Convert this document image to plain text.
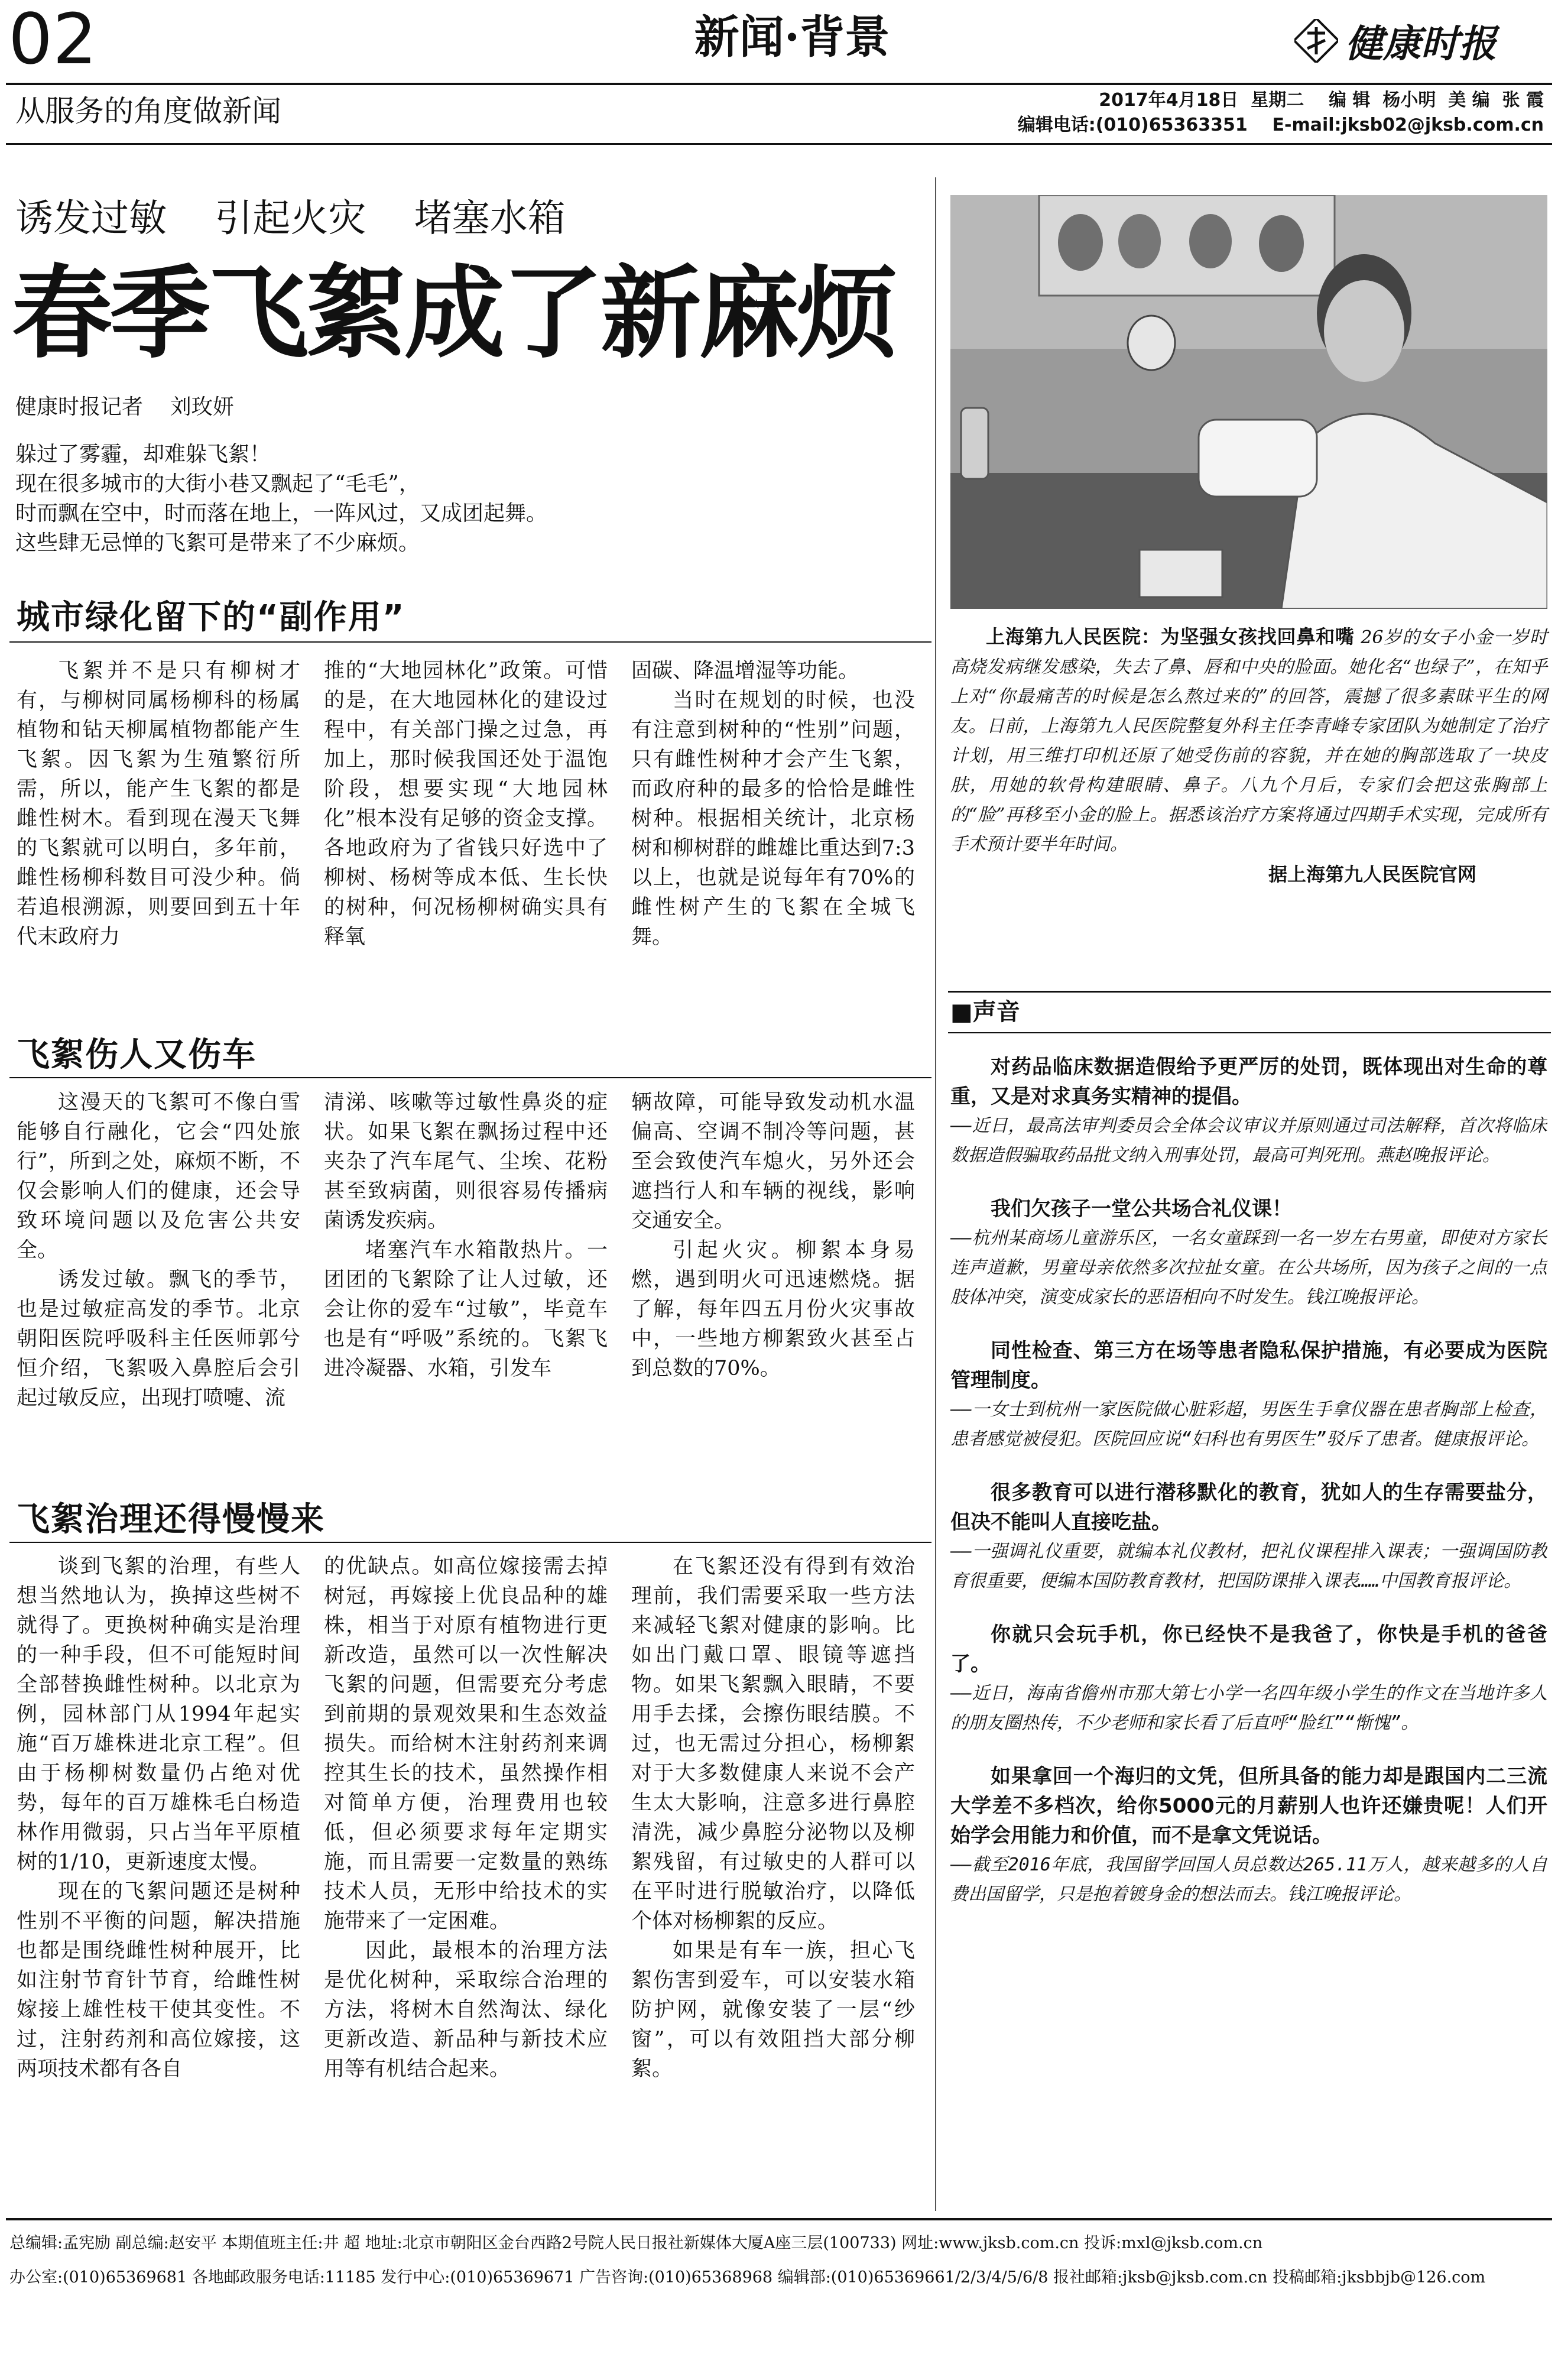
02	新闻·背景	健康时报
从服务的角度做新闻	2017年4月18日  星期二    编 辑  杨小明  美 编  张 霞
编辑电话:(010)65363351    E-mail:jksb02@jksb.com.cn
诱发过敏    引起火灾    堵塞水箱
春季飞絮成了新麻烦
健康时报记者    刘玫妍
躲过了雾霾，却难躲飞絮！
现在很多城市的大街小巷又飘起了“毛毛”，
时而飘在空中，时而落在地上，一阵风过，又成团起舞。
这些肆无忌惮的飞絮可是带来了不少麻烦。
城市绿化留下的“副作用”

飞絮并不是只有柳树才有，与柳树同属杨柳科的杨属植物和钻天柳属植物都能产生飞絮。因飞絮为生殖繁衍所需，所以，能产生飞絮的都是雌性树木。看到现在漫天飞舞的飞絮就可以明白，多年前，雌性杨柳科数目可没少种。倘若追根溯源，则要回到五十年代末政府力

推的“大地园林化”政策。可惜的是，在大地园林化的建设过程中，有关部门操之过急，再加上，那时候我国还处于温饱阶段，想要实现“大地园林化”根本没有足够的资金支撑。各地政府为了省钱只好选中了柳树、杨树等成本低、生长快的树种，何况杨柳树确实具有释氧

固碳、降温增湿等功能。

当时在规划的时候，也没有注意到树种的“性别”问题，只有雌性树种才会产生飞絮，而政府种的最多的恰恰是雌性树种。根据相关统计，北京杨树和柳树群的雌雄比重达到7:3以上，也就是说每年有70%的雌性树产生的飞絮在全城飞舞。

飞絮伤人又伤车

这漫天的飞絮可不像白雪能够自行融化，它会“四处旅行”，所到之处，麻烦不断，不仅会影响人们的健康，还会导致环境问题以及危害公共安全。

诱发过敏。飘飞的季节，也是过敏症高发的季节。北京朝阳医院呼吸科主任医师郭兮恒介绍，飞絮吸入鼻腔后会引起过敏反应，出现打喷嚏、流

清涕、咳嗽等过敏性鼻炎的症状。如果飞絮在飘扬过程中还夹杂了汽车尾气、尘埃、花粉甚至致病菌，则很容易传播病菌诱发疾病。

堵塞汽车水箱散热片。一团团的飞絮除了让人过敏，还会让你的爱车“过敏”，毕竟车也是有“呼吸”系统的。飞絮飞进冷凝器、水箱，引发车

辆故障，可能导致发动机水温偏高、空调不制冷等问题，甚至会致使汽车熄火，另外还会遮挡行人和车辆的视线，影响交通安全。

引起火灾。柳絮本身易燃，遇到明火可迅速燃烧。据了解，每年四五月份火灾事故中，一些地方柳絮致火甚至占到总数的70%。

飞絮治理还得慢慢来

谈到飞絮的治理，有些人想当然地认为，换掉这些树不就得了。更换树种确实是治理的一种手段，但不可能短时间全部替换雌性树种。以北京为例，园林部门从1994年起实施“百万雄株进北京工程”。但由于杨柳树数量仍占绝对优势，每年的百万雄株毛白杨造林作用微弱，只占当年平原植树的1/10，更新速度太慢。

现在的飞絮问题还是树种性别不平衡的问题，解决措施也都是围绕雌性树种展开，比如注射节育针节育，给雌性树嫁接上雄性枝干使其变性。不过，注射药剂和高位嫁接，这两项技术都有各自

的优缺点。如高位嫁接需去掉树冠，再嫁接上优良品种的雄株，相当于对原有植物进行更新改造，虽然可以一次性解决飞絮的问题，但需要充分考虑到前期的景观效果和生态效益损失。而给树木注射药剂来调控其生长的技术，虽然操作相对简单方便，治理费用也较低，但必须要求每年定期实施，而且需要一定数量的熟练技术人员，无形中给技术的实施带来了一定困难。

因此，最根本的治理方法是优化树种，采取综合治理的方法，将树木自然淘汰、绿化更新改造、新品种与新技术应用等有机结合起来。

在飞絮还没有得到有效治理前，我们需要采取一些方法来减轻飞絮对健康的影响。比如出门戴口罩、眼镜等遮挡物。如果飞絮飘入眼睛，不要用手去揉，会擦伤眼结膜。不过，也无需过分担心，杨柳絮对于大多数健康人来说不会产生太大影响，注意多进行鼻腔清洗，减少鼻腔分泌物以及柳絮残留，有过敏史的人群可以在平时进行脱敏治疗，以降低个体对杨柳絮的反应。

如果是有车一族，担心飞絮伤害到爱车，可以安装水箱防护网，就像安装了一层“纱窗”，可以有效阻挡大部分柳絮。

上海第九人民医院：为坚强女孩找回鼻和嘴 26岁的女子小金一岁时高烧发病继发感染，失去了鼻、唇和中央的脸面。她化名“也绿子”，在知乎上对“你最痛苦的时候是怎么熬过来的”的回答，震撼了很多素昧平生的网友。日前，上海第九人民医院整复外科主任李青峰专家团队为她制定了治疗计划，用三维打印机还原了她受伤前的容貌，并在她的胸部选取了一块皮肤，用她的软骨构建眼睛、鼻子。八九个月后，专家们会把这张胸部上的“脸”再移至小金的脸上。据悉该治疗方案将通过四期手术实现，完成所有手术预计要半年时间。

据上海第九人民医院官网

■声音

对药品临床数据造假给予更严厉的处罚，既体现出对生命的尊重，又是对求真务实精神的提倡。

——近日，最高法审判委员会全体会议审议并原则通过司法解释，首次将临床数据造假骗取药品批文纳入刑事处罚，最高可判死刑。燕赵晚报评论。

我们欠孩子一堂公共场合礼仪课！

——杭州某商场儿童游乐区，一名女童踩到一名一岁左右男童，即使对方家长连声道歉，男童母亲依然多次拉扯女童。在公共场所，因为孩子之间的一点肢体冲突，演变成家长的恶语相向不时发生。钱江晚报评论。

同性检查、第三方在场等患者隐私保护措施，有必要成为医院管理制度。

——一女士到杭州一家医院做心脏彩超，男医生手拿仪器在患者胸部上检查，患者感觉被侵犯。医院回应说“妇科也有男医生”驳斥了患者。健康报评论。

很多教育可以进行潜移默化的教育，犹如人的生存需要盐分，但决不能叫人直接吃盐。

——一强调礼仪重要，就编本礼仪教材，把礼仪课程排入课表；一强调国防教育很重要，便编本国防教育教材，把国防课排入课表……中国教育报评论。

你就只会玩手机，你已经快不是我爸了，你快是手机的爸爸了。

——近日，海南省儋州市那大第七小学一名四年级小学生的作文在当地许多人的朋友圈热传，不少老师和家长看了后直呼“脸红”“惭愧”。

如果拿回一个海归的文凭，但所具备的能力却是跟国内二三流大学差不多档次，给你5000元的月薪别人也许还嫌贵呢！人们开始学会用能力和价值，而不是拿文凭说话。

——截至2016年底，我国留学回国人员总数达265.11万人，越来越多的人自费出国留学，只是抱着镀身金的想法而去。钱江晚报评论。

总编辑:孟宪励 副总编:赵安平 本期值班主任:井 超 地址:北京市朝阳区金台西路2号院人民日报社新媒体大厦A座三层(100733) 网址:www.jksb.com.cn 投诉:mxl@jksb.com.cn
办公室:(010)65369681 各地邮政服务电话:11185 发行中心:(010)65369671 广告咨询:(010)65368968 编辑部:(010)65369661/2/3/4/5/6/8 报社邮箱:jksb@jksb.com.cn 投稿邮箱:jksbbjb@126.com
